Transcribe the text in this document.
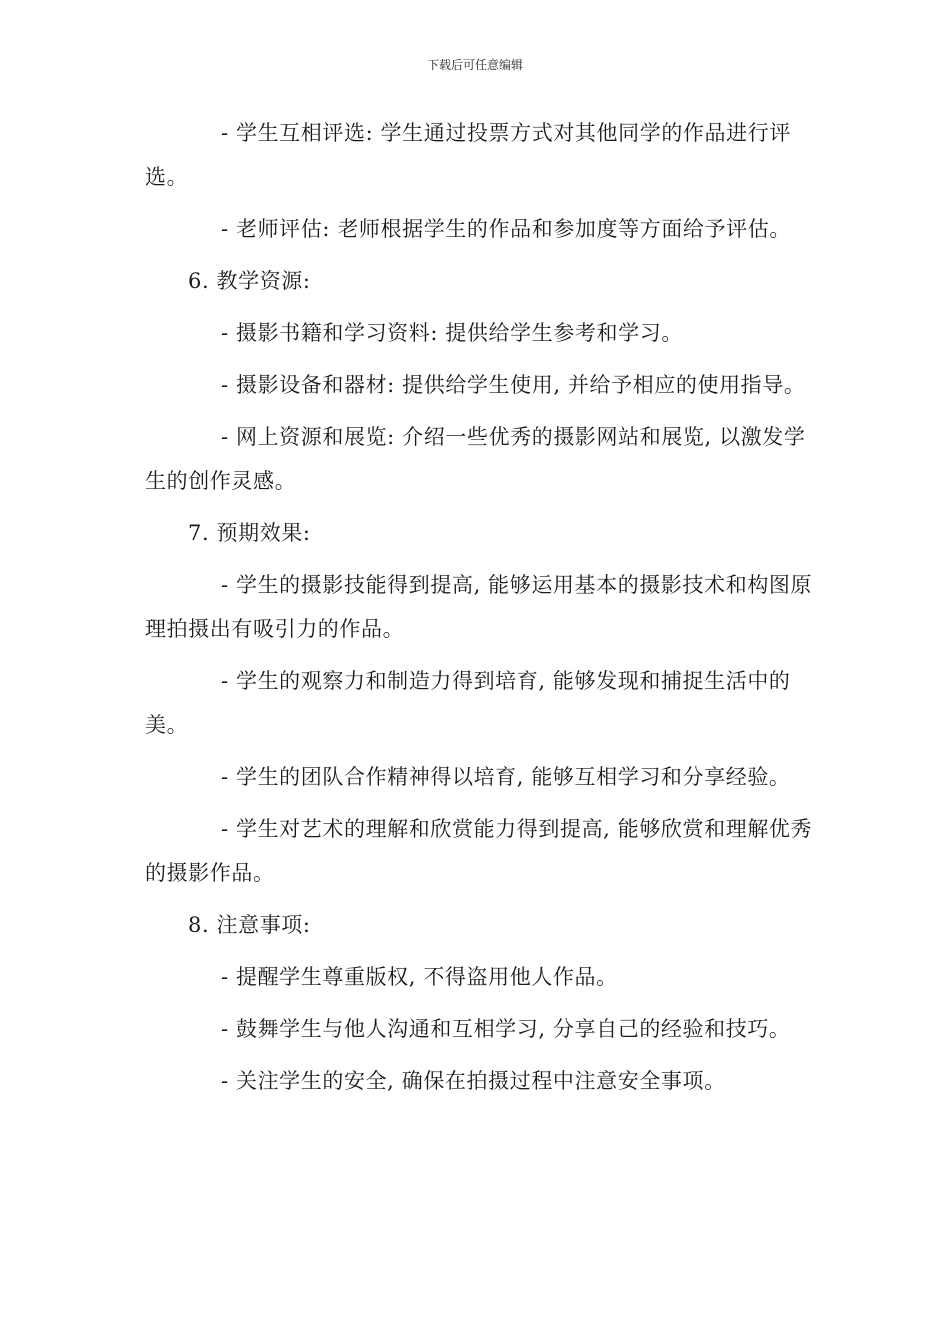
下载后可任意编辑

- 学生互相评选: 学生通过投票方式对其他同学的作品进行评选。

- 老师评估: 老师根据学生的作品和参加度等方面给予评估。

6. 教学资源:

- 摄影书籍和学习资料: 提供给学生参考和学习。

- 摄影设备和器材: 提供给学生使用, 并给予相应的使用指导。

- 网上资源和展览: 介绍一些优秀的摄影网站和展览, 以激发学生的创作灵感。

7. 预期效果:

- 学生的摄影技能得到提高, 能够运用基本的摄影技术和构图原理拍摄出有吸引力的作品。

- 学生的观察力和制造力得到培育, 能够发现和捕捉生活中的美。

- 学生的团队合作精神得以培育, 能够互相学习和分享经验。

- 学生对艺术的理解和欣赏能力得到提高, 能够欣赏和理解优秀的摄影作品。

8. 注意事项:

- 提醒学生尊重版权, 不得盗用他人作品。

- 鼓舞学生与他人沟通和互相学习, 分享自己的经验和技巧。

- 关注学生的安全, 确保在拍摄过程中注意安全事项。
